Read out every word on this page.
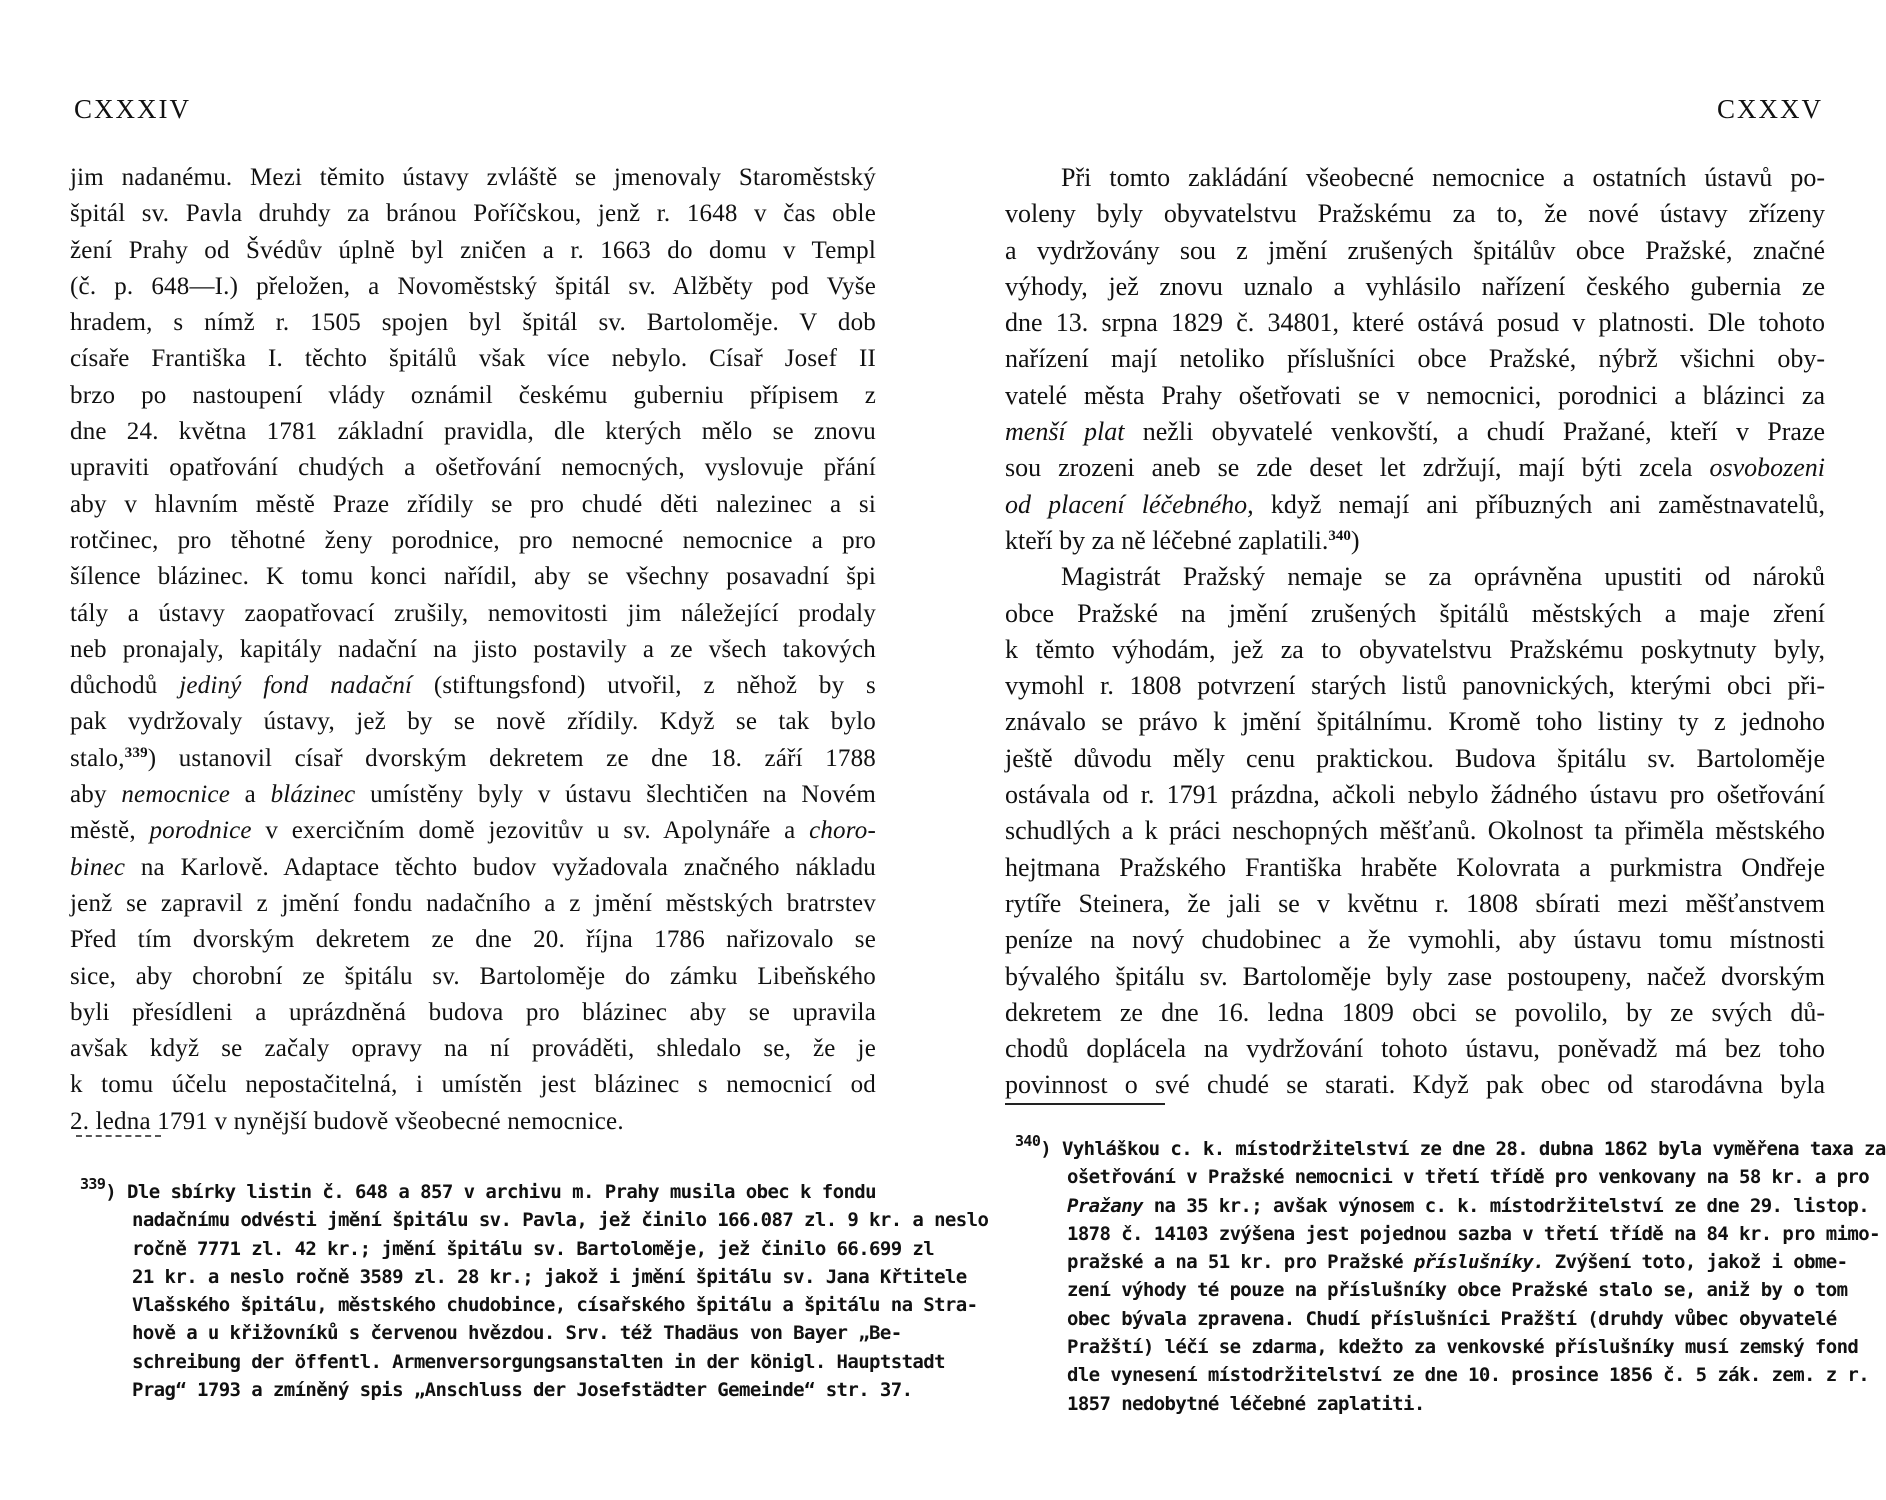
CXXXIV
jim nadanému. Mezi těmito ústavy zvláště se jmenovaly Staroměstský
špitál sv. Pavla druhdy za bránou Poříčskou, jenž r. 1648 v čas oble
žení Prahy od Švédův úplně byl zničen a r. 1663 do domu v Templ
(č. p. 648—I.) přeložen, a Novoměstský špitál sv. Alžběty pod Vyše
hradem, s nímž r. 1505 spojen byl špitál sv. Bartoloměje. V dob
císaře Františka I. těchto špitálů však více nebylo. Císař Josef II
brzo po nastoupení vlády oznámil českému guberniu přípisem z
dne 24. května 1781 základní pravidla, dle kterých mělo se znovu
upraviti opatřování chudých a ošetřování nemocných, vyslovuje přání
aby v hlavním městě Praze zřídily se pro chudé děti nalezinec a si
rotčinec, pro těhotné ženy porodnice, pro nemocné nemocnice a pro
šílence blázinec. K tomu konci nařídil, aby se všechny posavadní špi
tály a ústavy zaopatřovací zrušily, nemovitosti jim náležející prodaly
neb pronajaly, kapitály nadační na jisto postavily a ze všech takových
důchodů jediný fond nadační (stiftungsfond) utvořil, z něhož by s
pak vydržovaly ústavy, jež by se nově zřídily. Když se tak bylo
stalo,$^{339}$) ustanovil císař dvorským dekretem ze dne 18. září 1788
aby nemocnice a blázinec umístěny byly v ústavu šlechtičen na Novém
městě, porodnice v exercičním domě jezovitův u sv. Apolynáře a choro-
binec na Karlově. Adaptace těchto budov vyžadovala značného nákladu
jenž se zapravil z jmění fondu nadačního a z jmění městských bratrstev
Před tím dvorským dekretem ze dne 20. října 1786 nařizovalo se
sice, aby chorobní ze špitálu sv. Bartoloměje do zámku Libeňského
byli přesídleni a uprázdněná budova pro blázinec aby se upravila
avšak když se začaly opravy na ní prováděti, shledalo se, že je
k tomu účelu nepostačitelná, i umístěn jest blázinec s nemocnicí od
2. ledna 1791 v nynější budově všeobecné nemocnice.
$^{339}$) Dle sbírky listin č. 648 a 857 v archivu m. Prahy musila obec k fondu
nadačnímu odvésti jmění špitálu sv. Pavla, jež činilo 166.087 zl. 9 kr. a neslo
ročně 7771 zl. 42 kr.; jmění špitálu sv. Bartoloměje, jež činilo 66.699 zl
21 kr. a neslo ročně 3589 zl. 28 kr.; jakož i jmění špitálu sv. Jana Křtitele
Vlašského špitálu, městského chudobince, císařského špitálu a špitálu na Stra-
hově a u křižovníků s červenou hvězdou. Srv. též Thadäus von Bayer „Be-
schreibung der öffentl. Armenversorgungsanstalten in der königl. Hauptstadt
Prag“ 1793 a zmíněný spis „Anschluss der Josefstädter Gemeinde“ str. 37.
CXXXV
Při tomto zakládání všeobecné nemocnice a ostatních ústavů po-
voleny byly obyvatelstvu Pražskému za to, že nové ústavy zřízeny
a vydržovány sou z jmění zrušených špitálův obce Pražské, značné
výhody, jež znovu uznalo a vyhlásilo nařízení českého gubernia ze
dne 13. srpna 1829 č. 34801, které ostává posud v platnosti. Dle tohoto
nařízení mají netoliko příslušníci obce Pražské, nýbrž všichni oby-
vatelé města Prahy ošetřovati se v nemocnici, porodnici a blázinci za
menší plat nežli obyvatelé venkovští, a chudí Pražané, kteří v Praze
sou zrozeni aneb se zde deset let zdržují, mají býti zcela osvobozeni
od placení léčebného, když nemají ani příbuzných ani zaměstnavatelů,
kteří by za ně léčebné zaplatili.$^{340}$)
Magistrát Pražský nemaje se za oprávněna upustiti od nároků
obce Pražské na jmění zrušených špitálů městských a maje zření
k těmto výhodám, jež za to obyvatelstvu Pražskému poskytnuty byly,
vymohl r. 1808 potvrzení starých listů panovnických, kterými obci při-
znávalo se právo k jmění špitálnímu. Kromě toho listiny ty z jednoho
ještě důvodu měly cenu praktickou. Budova špitálu sv. Bartoloměje
ostávala od r. 1791 prázdna, ačkoli nebylo žádného ústavu pro ošetřování
schudlých a k práci neschopných měšťanů. Okolnost ta přiměla městského
hejtmana Pražského Františka hraběte Kolovrata a purkmistra Ondřeje
rytíře Steinera, že jali se v květnu r. 1808 sbírati mezi měšťanstvem
peníze na nový chudobinec a že vymohli, aby ústavu tomu místnosti
bývalého špitálu sv. Bartoloměje byly zase postoupeny, načež dvorským
dekretem ze dne 16. ledna 1809 obci se povolilo, by ze svých dů-
chodů doplácela na vydržování tohoto ústavu, poněvadž má bez toho
povinnost o své chudé se starati. Když pak obec od starodávna byla
$^{340}$) Vyhláškou c. k. místodržitelství ze dne 28. dubna 1862 byla vyměřena taxa za
ošetřování v Pražské nemocnici v třetí třídě pro venkovany na 58 kr. a pro
Pražany na 35 kr.; avšak výnosem c. k. místodržitelství ze dne 29. listop.
1878 č. 14103 zvýšena jest pojednou sazba v třetí třídě na 84 kr. pro mimo-
pražské a na 51 kr. pro Pražské příslušníky. Zvýšení toto, jakož i obme-
zení výhody té pouze na příslušníky obce Pražské stalo se, aniž by o tom
obec bývala zpravena. Chudí příslušníci Pražští (druhdy vůbec obyvatelé
Pražští) léčí se zdarma, kdežto za venkovské příslušníky musí zemský fond
dle vynesení místodržitelství ze dne 10. prosince 1856 č. 5 zák. zem. z r.
1857 nedobytné léčebné zaplatiti.
